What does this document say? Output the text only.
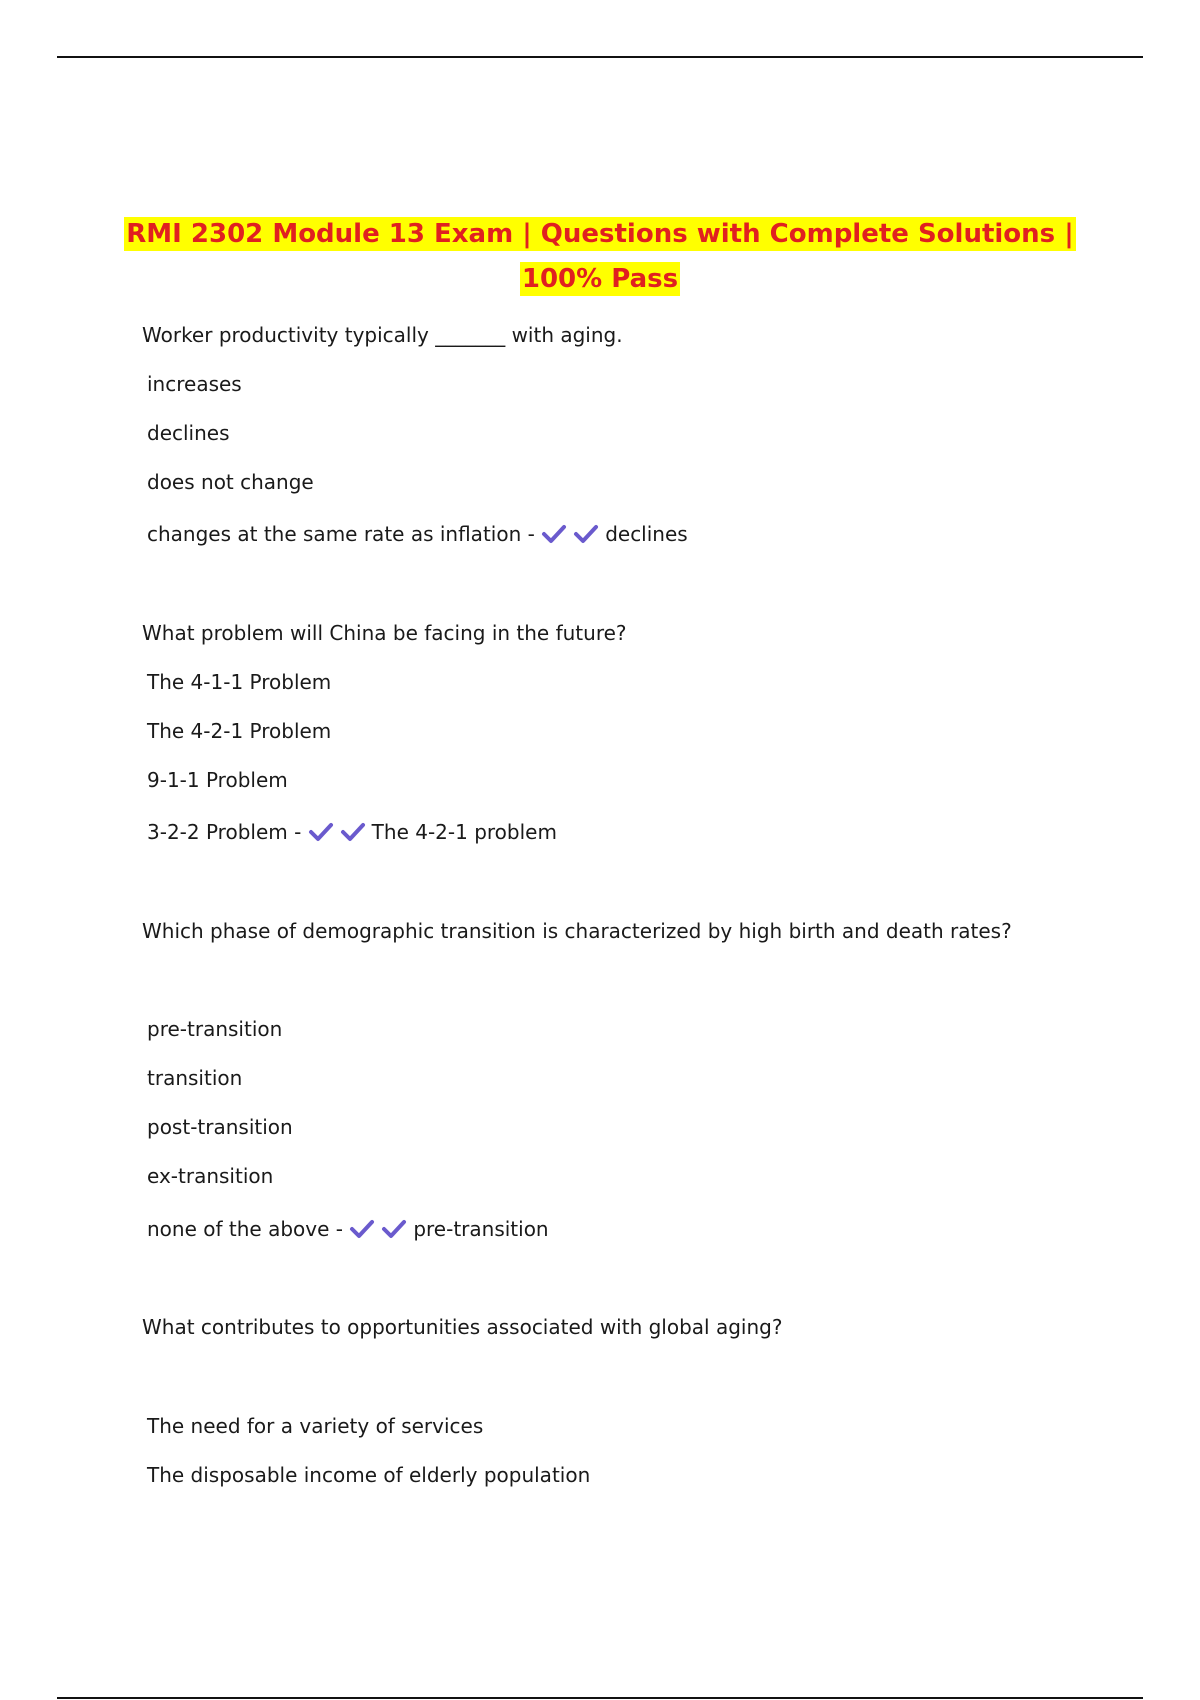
RMI 2302 Module 13 Exam | Questions with Complete Solutions |
100% Pass
Worker productivity typically _______ with aging.
increases
declines
does not change
changes at the same rate as inflation -	declines
What problem will China be facing in the future?
The 4-1-1 Problem
The 4-2-1 Problem
9-1-1 Problem
3-2-2 Problem -	The 4-2-1 problem
Which phase of demographic transition is characterized by high birth and death rates?
pre-transition
transition
post-transition
ex-transition
none of the above -	pre-transition
What contributes to opportunities associated with global aging?
The need for a variety of services
The disposable income of elderly population
